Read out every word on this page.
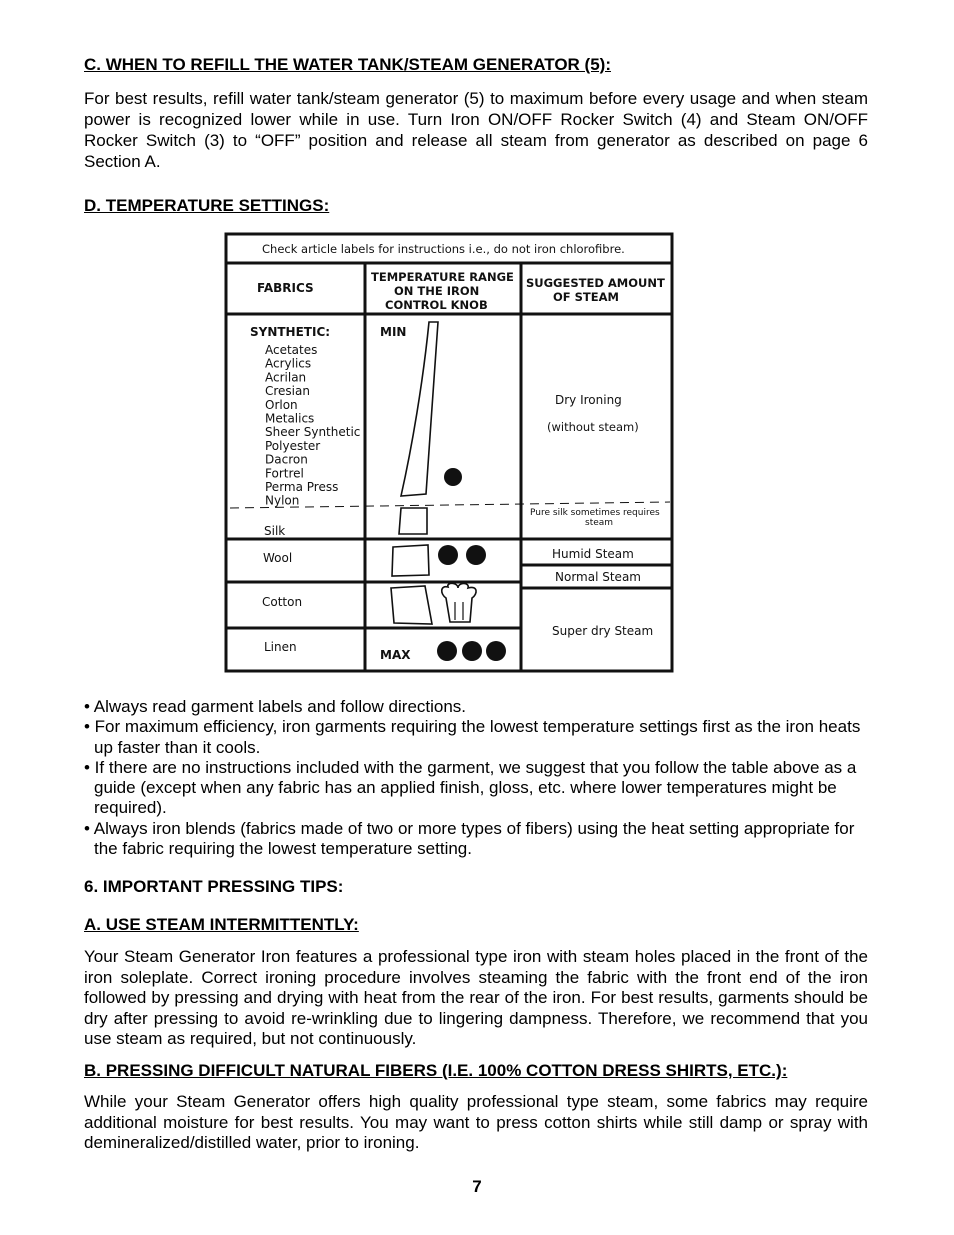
C. WHEN TO REFILL THE WATER TANK/STEAM GENERATOR (5):
For best results, refill water tank/steam generator (5) to maximum before every usage and when steam power is recognized lower while in use. Turn Iron ON/OFF Rocker Switch (4) and Steam ON/OFF Rocker Switch (3) to “OFF” position and release all steam from generator as described on page 6 Section A.
D. TEMPERATURE SETTINGS:
Check article labels for instructions i.e., do not iron chlorofibre.
FABRICS
TEMPERATURE RANGE
ON THE IRON
CONTROL KNOB
SUGGESTED AMOUNT
OF STEAM
SYNTHETIC:
Acetates
Acrylics
Acrilan
Cresian
Orlon
Metalics
Sheer Synthetic
Polyester
Dacron
Fortrel
Perma Press
Nylon
Silk
Wool
Cotton
Linen
MIN
MAX
Dry Ironing
(without steam)
Pure silk sometimes requires
steam
Humid Steam
Normal Steam
Super dry Steam
• Always read garment labels and follow directions.
• For maximum efficiency, iron garments requiring the lowest temperature settings first as the iron heats up faster than it cools.
• If there are no instructions included with the garment, we suggest that you follow the table above as a guide (except when any fabric has an applied finish, gloss, etc. where lower temperatures might be required).
• Always iron blends (fabrics made of two or more types of fibers) using the heat setting appropriate for the fabric requiring the lowest temperature setting.
6. IMPORTANT PRESSING TIPS:
A. USE STEAM INTERMITTENTLY:
Your Steam Generator Iron features a professional type iron with steam holes placed in the front of the iron soleplate. Correct ironing procedure involves steaming the fabric with the front end of the iron followed by pressing and drying with heat from the rear of the iron. For best results, garments should be dry after pressing to avoid re-wrinkling due to lingering dampness. Therefore, we recommend that you use steam as required, but not continuously.
B. PRESSING DIFFICULT NATURAL FIBERS (I.E. 100% COTTON DRESS SHIRTS, ETC.):
While your Steam Generator offers high quality professional type steam, some fabrics may require additional moisture for best results. You may want to press cotton shirts while still damp or spray with demineralized/distilled water, prior to ironing.
7
